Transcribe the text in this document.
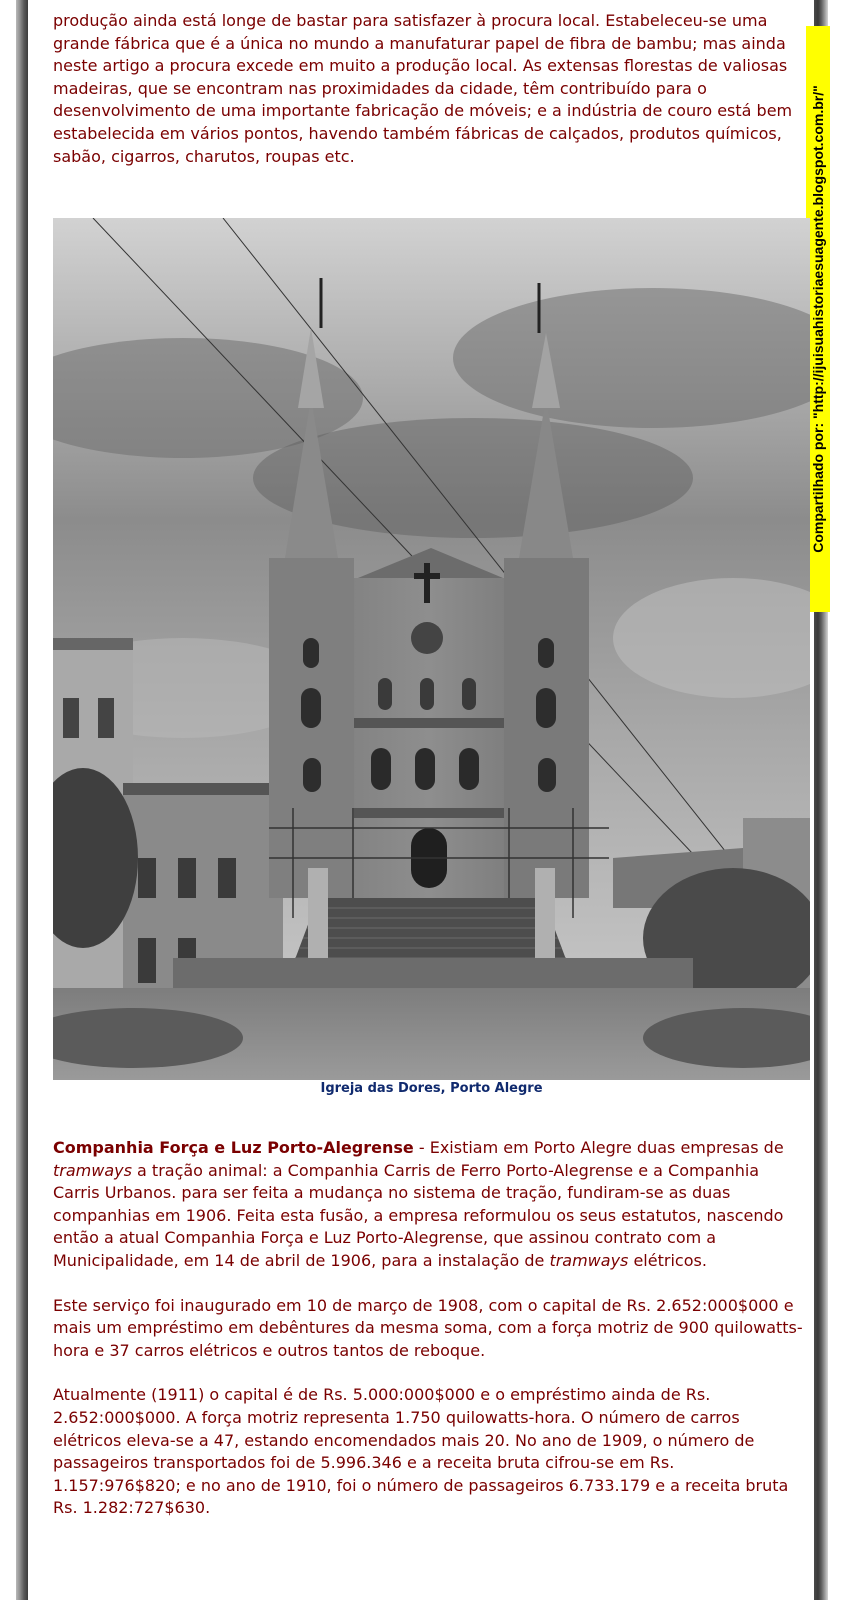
Compartilhado por: "http://ijuisuahistoriaesuagente.blogspot.com.br/"

produção ainda está longe de bastar para satisfazer à procura local. Estabeleceu-se uma grande fábrica que é a única no mundo a manufaturar papel de fibra de bambu; mas ainda neste artigo a procura excede em muito a produção local. As extensas florestas de valiosas madeiras, que se encontram nas proximidades da cidade, têm contribuído para o desenvolvimento de uma importante fabricação de móveis; e a indústria de couro está bem estabelecida em vários pontos, havendo também fábricas de calçados, produtos químicos, sabão, cigarros, charutos, roupas etc.

Igreja das Dores, Porto Alegre

Companhia Força e Luz Porto-Alegrense - Existiam em Porto Alegre duas empresas de tramways a tração animal: a Companhia Carris de Ferro Porto-Alegrense e a Companhia Carris Urbanos. para ser feita a mudança no sistema de tração, fundiram-se as duas companhias em 1906. Feita esta fusão, a empresa reformulou os seus estatutos, nascendo então a atual Companhia Força e Luz Porto-Alegrense, que assinou contrato com a Municipalidade, em 14 de abril de 1906, para a instalação de tramways elétricos.

Este serviço foi inaugurado em 10 de março de 1908, com o capital de Rs. 2.652:000$000 e mais um empréstimo em debêntures da mesma soma, com a força motriz de 900 quilowatts-hora e 37 carros elétricos e outros tantos de reboque.

Atualmente (1911) o capital é de Rs. 5.000:000$000 e o empréstimo ainda de Rs. 2.652:000$000. A força motriz representa 1.750 quilowatts-hora. O número de carros elétricos eleva-se a 47, estando encomendados mais 20. No ano de 1909, o número de passageiros transportados foi de 5.996.346 e a receita bruta cifrou-se em Rs. 1.157:976$820; e no ano de 1910, foi o número de passageiros 6.733.179 e a receita bruta Rs. 1.282:727$630.
